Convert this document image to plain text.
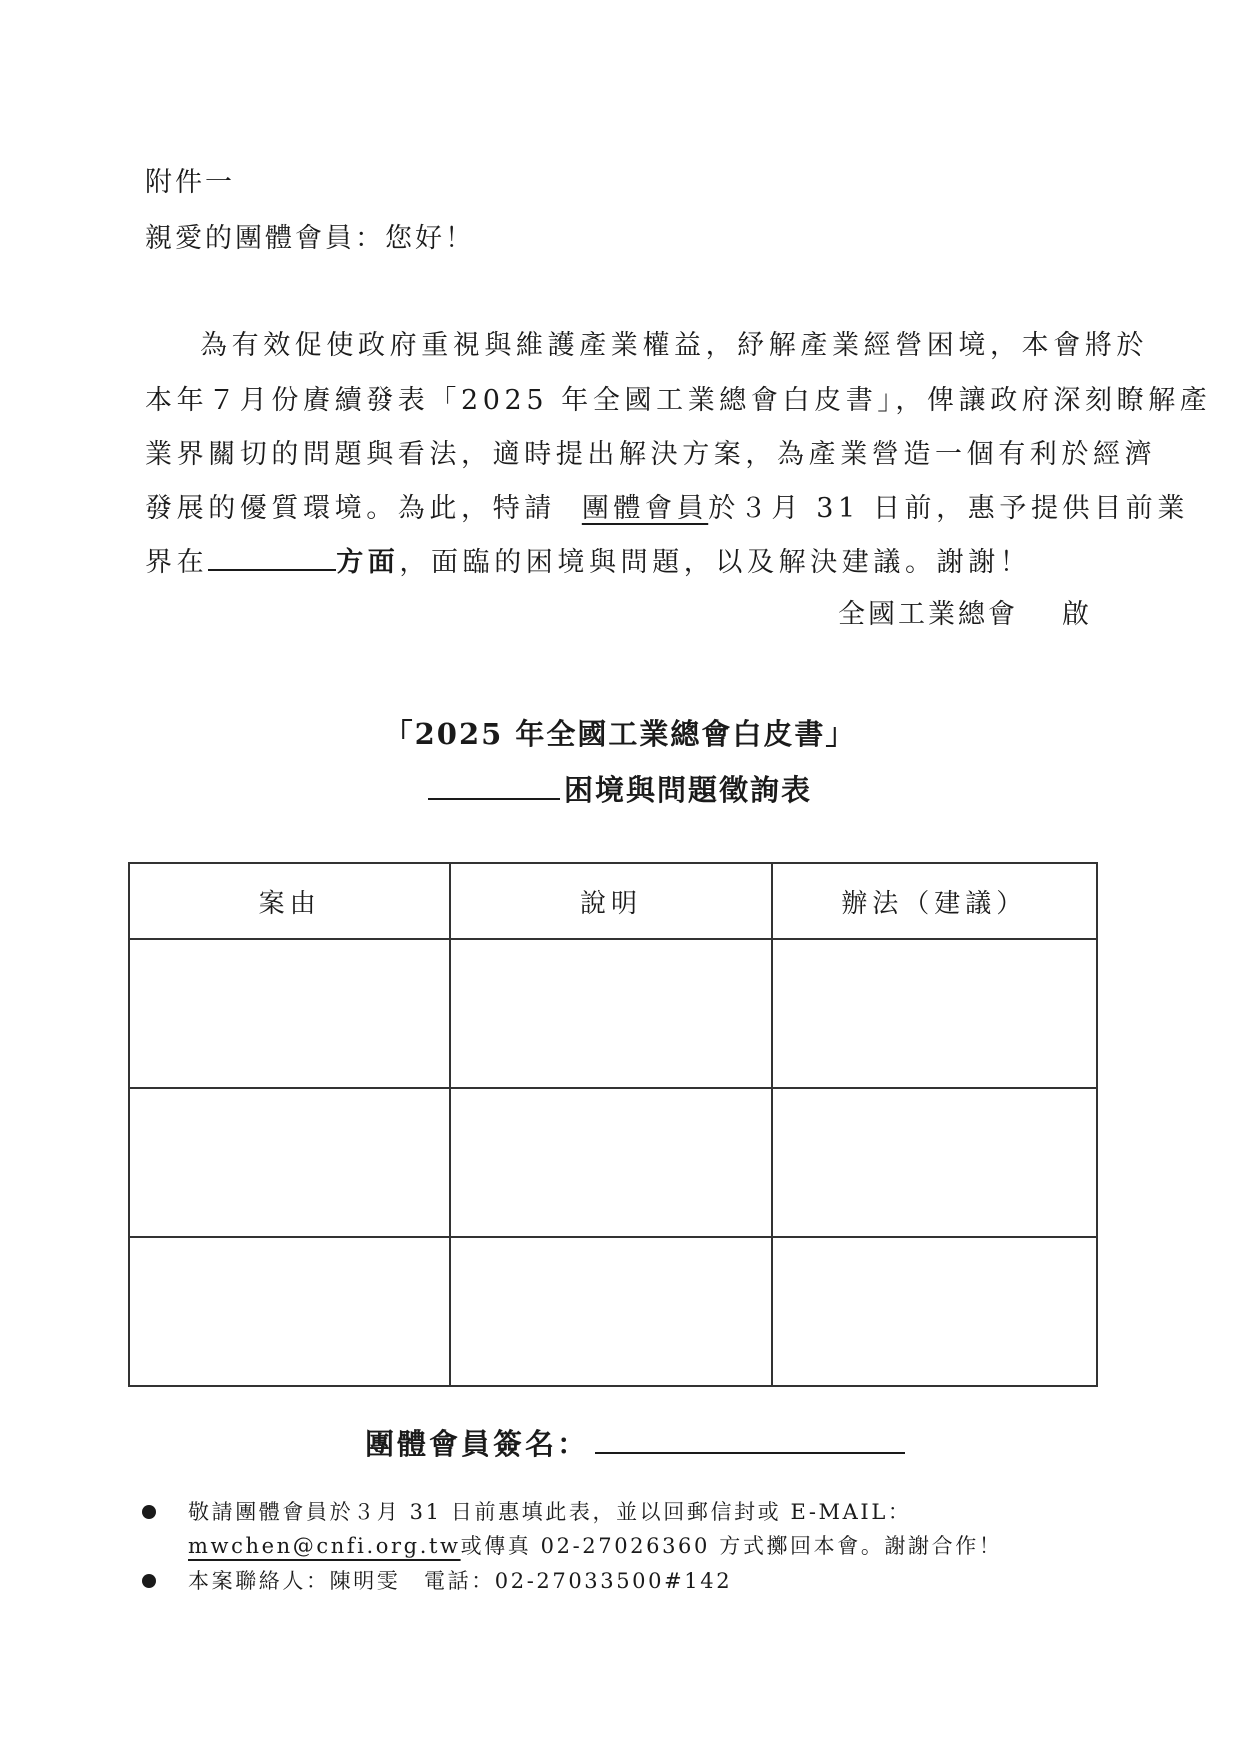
附件一
親愛的團體會員：您好！
為有效促使政府重視與維護產業權益，紓解產業經營困境，本會將於
本年７月份賡續發表「2025 年全國工業總會白皮書」，俾讓政府深刻瞭解產
業界關切的問題與看法，適時提出解決方案，為產業營造一個有利於經濟
發展的優質環境。為此，特請 團體會員於３月 31 日前，惠予提供目前業
界在	方面，面臨的困境與問題，以及解決建議。謝謝！
全國工業總會 啟
「2025 年全國工業總會白皮書」
困境與問題徵詢表
案由	說明	辦法（建議）

團體會員簽名：
敬請團體會員於３月 31 日前惠填此表，並以回郵信封或 E-MAIL：
mwchen@cnfi.org.tw或傳真 02-27026360 方式擲回本會。謝謝合作！
本案聯絡人：陳明雯　電話：02-27033500#142
